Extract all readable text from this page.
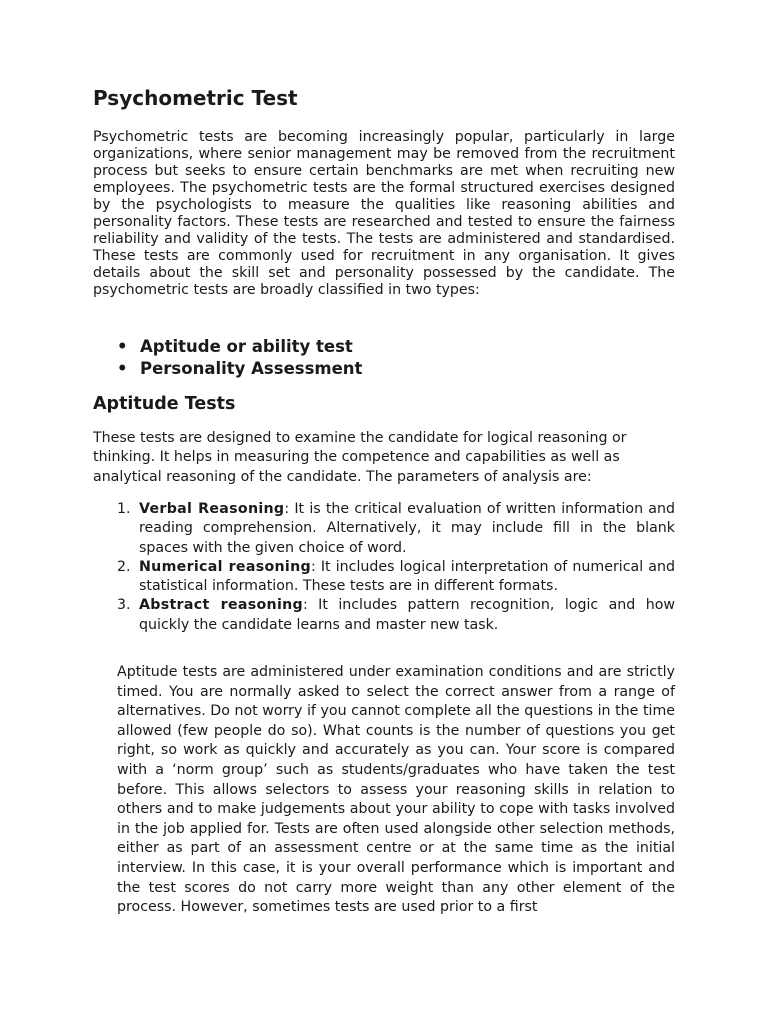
Psychometric Test

Psychometric tests are becoming increasingly popular, particularly in large organizations, where senior management may be removed from the recruitment process but seeks to ensure certain benchmarks are met when recruiting new employees. The psychometric tests are the formal structured exercises designed by the psychologists to measure the qualities like reasoning abilities and personality factors. These tests are researched and tested to ensure the fairness reliability and validity of the tests. The tests are administered and standardised. These tests are commonly used for recruitment in any organisation. It gives details about the skill set and personality possessed by the candidate. The psychometric tests are broadly classified in two types:

• Aptitude or ability test
• Personality Assessment
Aptitude Tests

These tests are designed to examine the candidate for logical reasoning or thinking. It helps in measuring the competence and capabilities as well as analytical reasoning of the candidate. The parameters of analysis are:

1. Verbal Reasoning: It is the critical evaluation of written information and reading comprehension. Alternatively, it may include fill in the blank spaces with the given choice of word.
2. Numerical reasoning: It includes logical interpretation of numerical and statistical information. These tests are in different formats.
3. Abstract reasoning: It includes pattern recognition, logic and how quickly the candidate learns and master new task.

Aptitude tests are administered under examination conditions and are strictly timed. You are normally asked to select the correct answer from a range of alternatives. Do not worry if you cannot complete all the questions in the time allowed (few people do so). What counts is the number of questions you get right, so work as quickly and accurately as you can. Your score is compared with a ‘norm group’ such as students/graduates who have taken the test before. This allows selectors to assess your reasoning skills in relation to others and to make judgements about your ability to cope with tasks involved in the job applied for. Tests are often used alongside other selection methods, either as part of an assessment centre or at the same time as the initial interview. In this case, it is your overall performance which is important and the test scores do not carry more weight than any other element of the process. However, sometimes tests are used prior to a first
